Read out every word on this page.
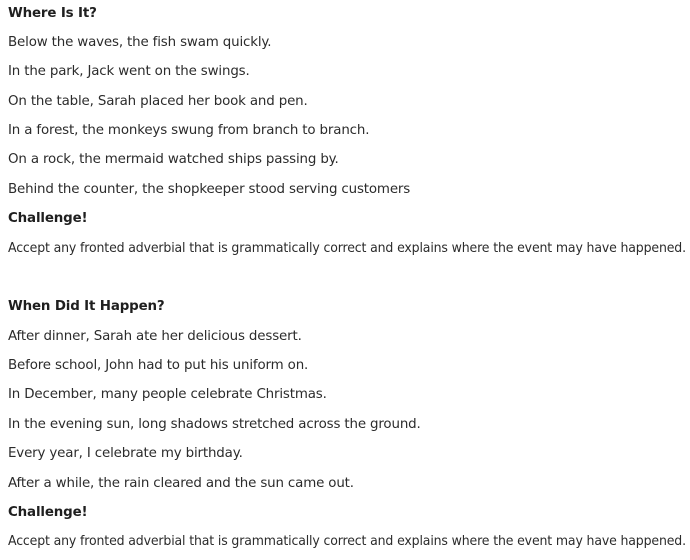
Where Is It?
Below the waves, the fish swam quickly.
In the park, Jack went on the swings.
On the table, Sarah placed her book and pen.
In a forest, the monkeys swung from branch to branch.
On a rock, the mermaid watched ships passing by.
Behind the counter, the shopkeeper stood serving customers
Challenge!
Accept any fronted adverbial that is grammatically correct and explains where the event may have happened.
When Did It Happen?
After dinner, Sarah ate her delicious dessert.
Before school, John had to put his uniform on.
In December, many people celebrate Christmas.
In the evening sun, long shadows stretched across the ground.
Every year, I celebrate my birthday.
After a while, the rain cleared and the sun came out.
Challenge!
Accept any fronted adverbial that is grammatically correct and explains where the event may have happened.
